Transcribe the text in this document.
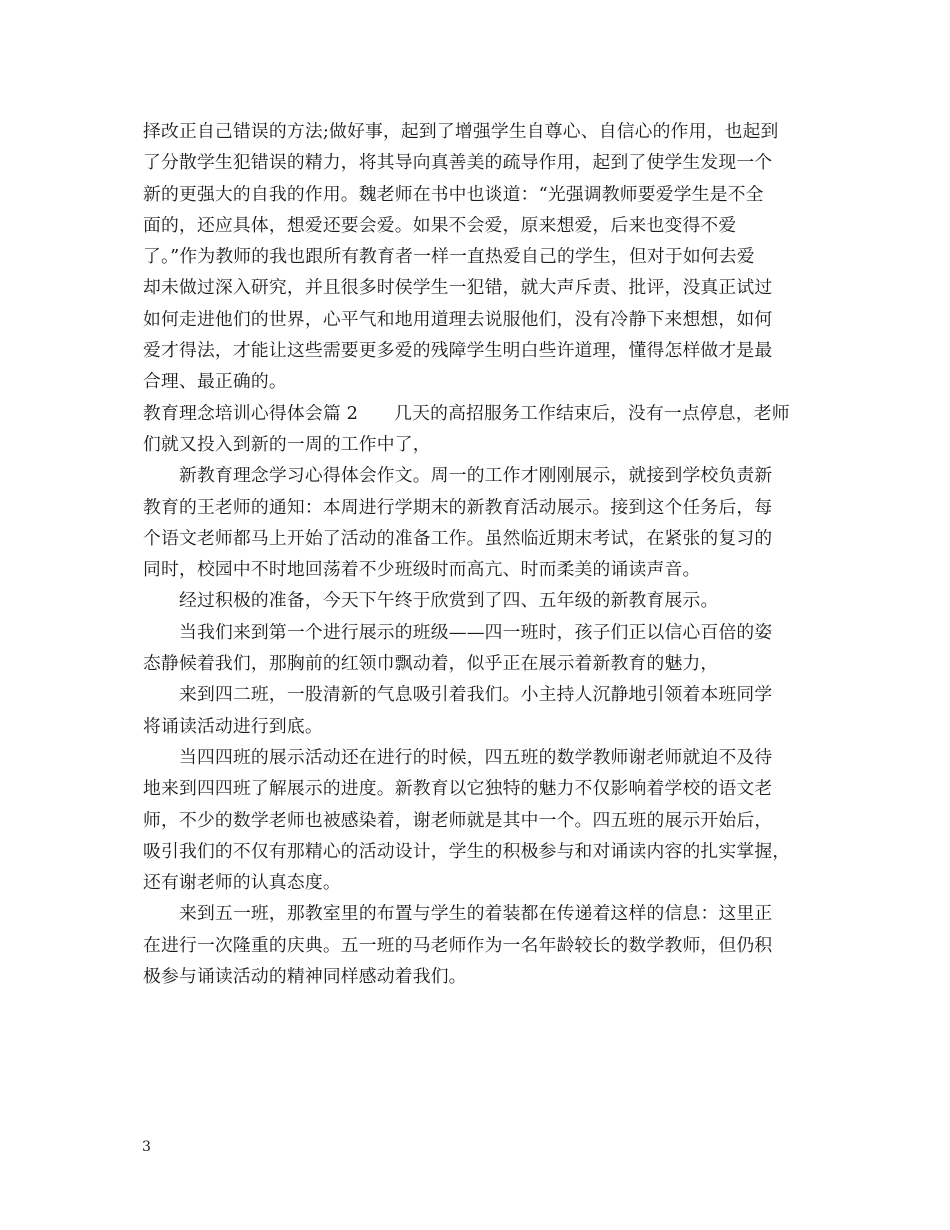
择改正自己错误的方法;做好事，起到了增强学生自尊心、自信心的作用，也起到
了分散学生犯错误的精力，将其导向真善美的疏导作用，起到了使学生发现一个
新的更强大的自我的作用。魏老师在书中也谈道：“光强调教师要爱学生是不全
面的，还应具体，想爱还要会爱。如果不会爱，原来想爱，后来也变得不爱
了。”作为教师的我也跟所有教育者一样一直热爱自己的学生，但对于如何去爱
却未做过深入研究，并且很多时侯学生一犯错，就大声斥责、批评，没真正试过
如何走进他们的世界，心平气和地用道理去说服他们，没有冷静下来想想，如何
爱才得法，才能让这些需要更多爱的残障学生明白些许道理，懂得怎样做才是最
合理、最正确的。
教育理念培训心得体会篇 2　　几天的高招服务工作结束后，没有一点停息，老师
们就又投入到新的一周的工作中了，
新教育理念学习心得体会作文。周一的工作才刚刚展示，就接到学校负责新
教育的王老师的通知：本周进行学期末的新教育活动展示。接到这个任务后，每
个语文老师都马上开始了活动的准备工作。虽然临近期末考试，在紧张的复习的
同时，校园中不时地回荡着不少班级时而高亢、时而柔美的诵读声音。
经过积极的准备，今天下午终于欣赏到了四、五年级的新教育展示。
当我们来到第一个进行展示的班级——四一班时，孩子们正以信心百倍的姿
态静候着我们，那胸前的红领巾飘动着，似乎正在展示着新教育的魅力，
来到四二班，一股清新的气息吸引着我们。小主持人沉静地引领着本班同学
将诵读活动进行到底。
当四四班的展示活动还在进行的时候，四五班的数学教师谢老师就迫不及待
地来到四四班了解展示的进度。新教育以它独特的魅力不仅影响着学校的语文老
师，不少的数学老师也被感染着，谢老师就是其中一个。四五班的展示开始后，
吸引我们的不仅有那精心的活动设计，学生的积极参与和对诵读内容的扎实掌握，
还有谢老师的认真态度。
来到五一班，那教室里的布置与学生的着装都在传递着这样的信息：这里正
在进行一次隆重的庆典。五一班的马老师作为一名年龄较长的数学教师，但仍积
极参与诵读活动的精神同样感动着我们。
3
